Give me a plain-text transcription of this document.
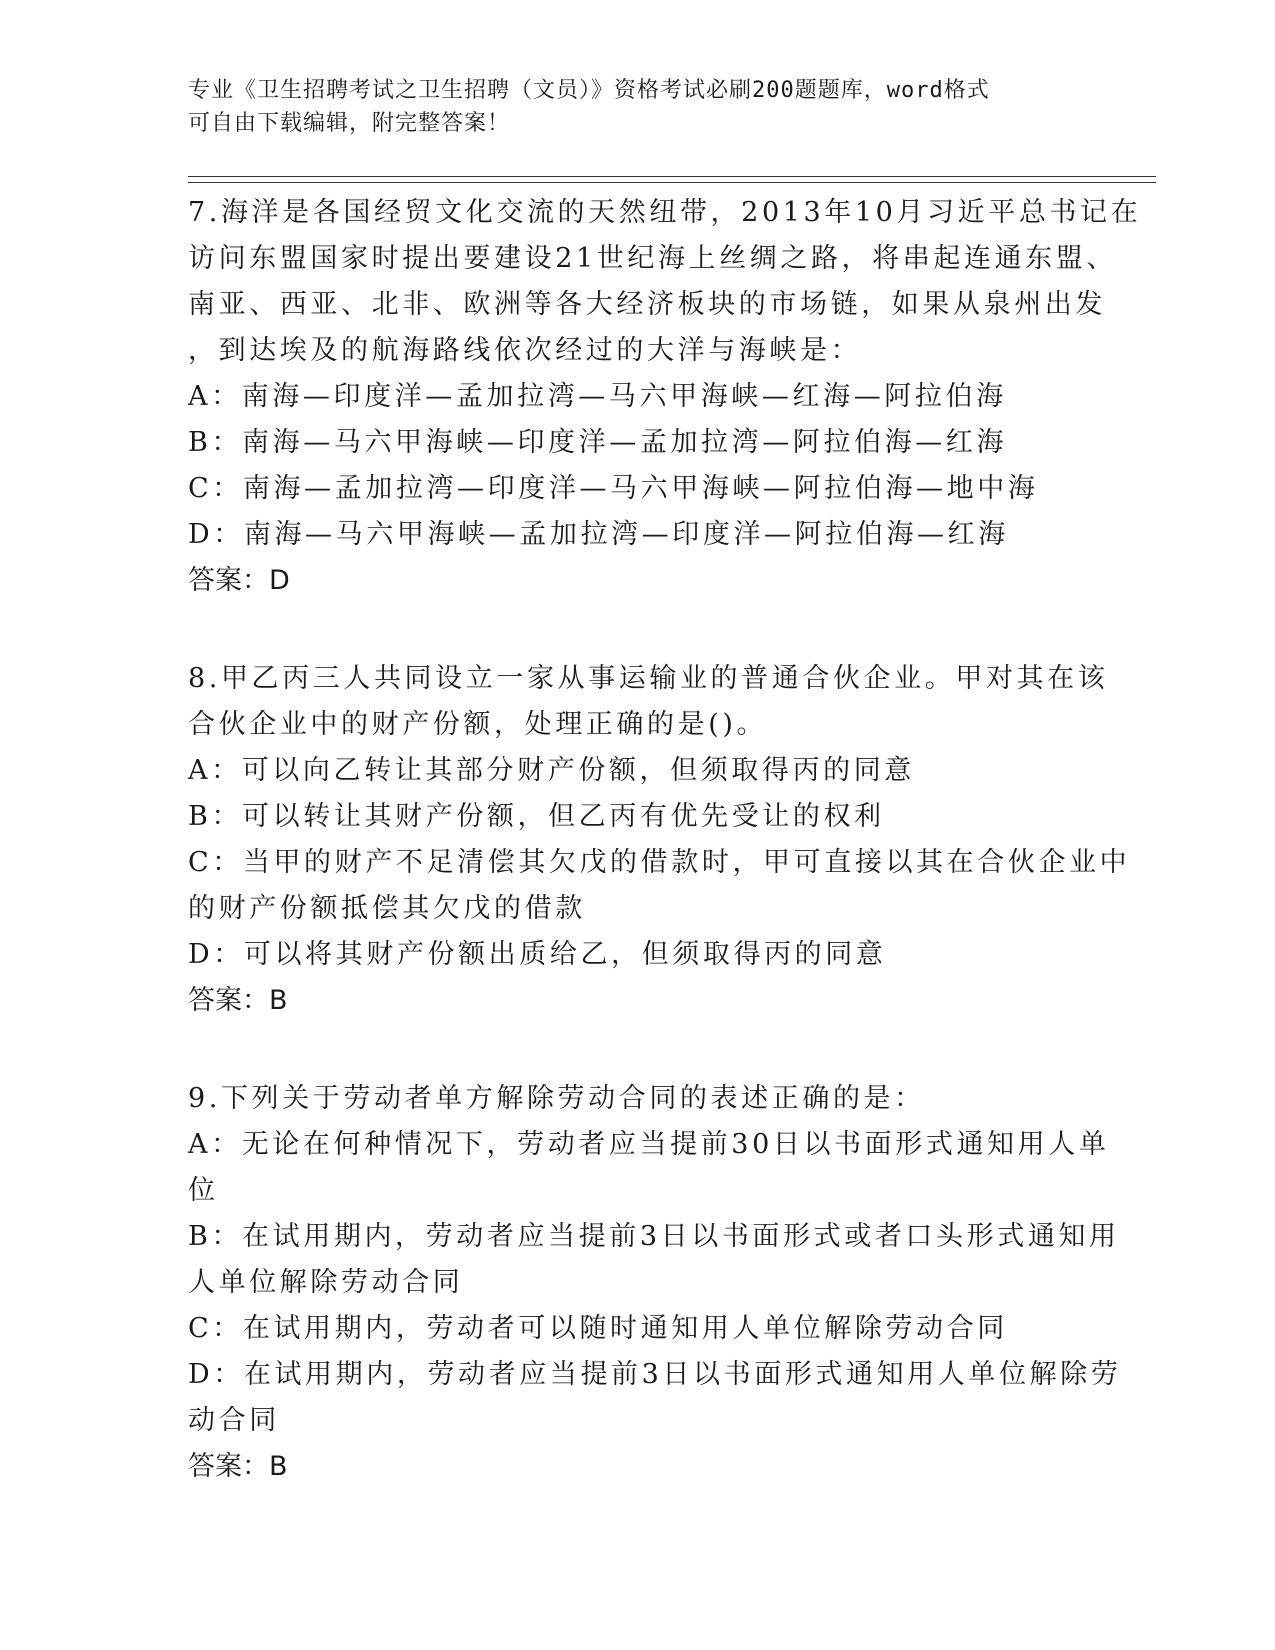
专业《卫生招聘考试之卫生招聘（文员）》资格考试必刷200题题库，word格式

可自由下载编辑，附完整答案！

7.海洋是各国经贸文化交流的天然纽带，2013年10月习近平总书记在

访问东盟国家时提出要建设21世纪海上丝绸之路，将串起连通东盟、

南亚、西亚、北非、欧洲等各大经济板块的市场链，如果从泉州出发

，到达埃及的航海路线依次经过的大洋与海峡是：

A：南海—印度洋—孟加拉湾—马六甲海峡—红海—阿拉伯海

B：南海—马六甲海峡—印度洋—孟加拉湾—阿拉伯海—红海

C：南海—孟加拉湾—印度洋—马六甲海峡—阿拉伯海—地中海

D：南海—马六甲海峡—孟加拉湾—印度洋—阿拉伯海—红海

答案：D

8.甲乙丙三人共同设立一家从事运输业的普通合伙企业。甲对其在该

合伙企业中的财产份额，处理正确的是()。

A：可以向乙转让其部分财产份额，但须取得丙的同意

B：可以转让其财产份额，但乙丙有优先受让的权利

C：当甲的财产不足清偿其欠戊的借款时，甲可直接以其在合伙企业中

的财产份额抵偿其欠戊的借款

D：可以将其财产份额出质给乙，但须取得丙的同意

答案：B

9.下列关于劳动者单方解除劳动合同的表述正确的是：

A：无论在何种情况下，劳动者应当提前30日以书面形式通知用人单

位

B：在试用期内，劳动者应当提前3日以书面形式或者口头形式通知用

人单位解除劳动合同

C：在试用期内，劳动者可以随时通知用人单位解除劳动合同

D：在试用期内，劳动者应当提前3日以书面形式通知用人单位解除劳

动合同

答案：B
